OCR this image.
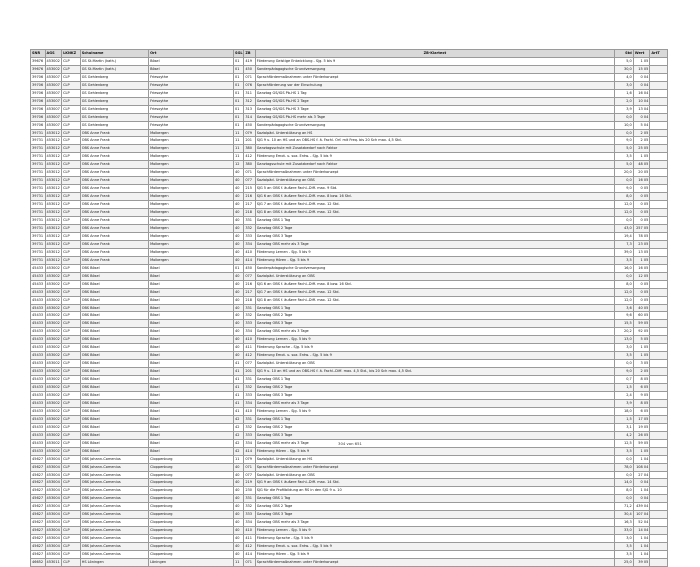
SNR	AGS	LKNKZ	Schulname	Ort	SGL	ZB	ZB-Klartext	Std	Wert	ArtT
39676	453002	CLP	GS St.Martin (kath.)	Bösel	01	419	Förderung Geistige Entwicklung - Sjg. 5 bis 9	5,0	1 05	
39676	453002	CLP	GS St.Martin (kath.)	Bösel	01	450	Sonderpädagogische Grundversorgung	30,0	15 05	
39706	453007	CLP	GS Gehlenberg	Friesoythe	01	071	Sprachfördermaßnahmen unter Förderkonzept	4,0	0 04	
39706	453007	CLP	GS Gehlenberg	Friesoythe	01	076	Sprachförderung vor der Einschulung	3,0	0 04	
39706	453007	CLP	GS Gehlenberg	Friesoythe	01	311	Ganztag GS/IGS Pb-HS 1 Tag	1,6	16 04	
39706	453007	CLP	GS Gehlenberg	Friesoythe	01	312	Ganztag GS/IGS Pb-HS 2 Tage	2,0	10 04	
39706	453007	CLP	GS Gehlenberg	Friesoythe	01	313	Ganztag GS/IGS Pb-HS 3 Tage	3,9	13 04	
39706	453007	CLP	GS Gehlenberg	Friesoythe	01	314	Ganztag GS/IGS Pb-HS mehr als 3 Tage	0,0	0 04	
39706	453007	CLP	GS Gehlenberg	Friesoythe	01	450	Sonderpädagogische Grundversorgung	10,0	5 04	
39731	453012	CLP	OBS Anne Frank	Molbergen	11	079	Sozialpäd. Unterstützung an HS	0,0	2 05	
39731	453012	CLP	OBS Anne Frank	Molbergen	11	201	SJG 9 u. 10 an HS und an OBS-HS f. ä. Fachl. Orf. mit Freq. bis 20 Sch max. 4,5 Std.	9,0	2 05	
39731	453012	CLP	OBS Anne Frank	Molbergen	11	380	Ganztagsschule mit Zusatzbedarf nach Faktor	5,0	25 05	
39731	453012	CLP	OBS Anne Frank	Molbergen	11	412	Förderung Emot. u. soz. Entw. - Sjg. 5 bis 9	3,5	1 05	
39731	453012	CLP	OBS Anne Frank	Molbergen	12	380	Ganztagsschule mit Zusatzbedarf nach Faktor	5,0	48 05	
39731	453012	CLP	OBS Anne Frank	Molbergen	40	071	Sprachfördermaßnahmen unter Förderkonzept	20,0	20 05	
39731	453012	CLP	OBS Anne Frank	Molbergen	40	077	Sozialpäd. Unterstützung an OBS	0,0	16 05	
39731	453012	CLP	OBS Anne Frank	Molbergen	40	215	SJG 5 an OBS f. äußere Fachl.-Diff. max. 9 Std.	9,0	0 05	
39731	453012	CLP	OBS Anne Frank	Molbergen	40	216	SJG 6 an OBS f. äußere Fachl.-Diff. max. 8 bzw. 16 Std.	8,0	0 05	
39731	453012	CLP	OBS Anne Frank	Molbergen	40	217	SJG 7 an OBS f. äußere Fachl.-Diff. max. 12 Std.	12,0	0 05	
39731	453012	CLP	OBS Anne Frank	Molbergen	40	218	SJG 8 an OBS f. äußere Fachl.-Diff. max. 12 Std.	12,0	0 05	
39731	453012	CLP	OBS Anne Frank	Molbergen	40	331	Ganztag OBS 1 Tag	0,0	0 05	
39731	453012	CLP	OBS Anne Frank	Molbergen	40	332	Ganztag OBS 2 Tage	43,0	257 05	
39731	453012	CLP	OBS Anne Frank	Molbergen	40	333	Ganztag OBS 3 Tage	19,4	78 05	
39731	453012	CLP	OBS Anne Frank	Molbergen	40	334	Ganztag OBS mehr als 3 Tage	7,3	23 05	
39731	453012	CLP	OBS Anne Frank	Molbergen	40	410	Förderung Lernen - Sjg. 5 bis 9	39,0	13 05	
39731	453012	CLP	OBS Anne Frank	Molbergen	40	414	Förderung Hören - Sjg. 5 bis 9	3,5	1 05	
45433	453002	CLP	OBS Bösel	Bösel	01	450	Sonderpädagogische Grundversorgung	16,0	16 05	
45433	453002	CLP	OBS Bösel	Bösel	40	077	Sozialpäd. Unterstützung an OBS	0,0	12 05	
45433	453002	CLP	OBS Bösel	Bösel	40	216	SJG 6 an OBS f. äußere Fachl.-Diff. max. 8 bzw. 16 Std.	8,0	0 05	
45433	453002	CLP	OBS Bösel	Bösel	40	217	SJG 7 an OBS f. äußere Fachl.-Diff. max. 12 Std.	12,0	0 05	
45433	453002	CLP	OBS Bösel	Bösel	40	218	SJG 8 an OBS f. äußere Fachl.-Diff. max. 12 Std.	12,0	0 05	
45433	453002	CLP	OBS Bösel	Bösel	40	331	Ganztag OBS 1 Tag	3,6	40 05	
45433	453002	CLP	OBS Bösel	Bösel	40	332	Ganztag OBS 2 Tage	9,6	60 05	
45433	453002	CLP	OBS Bösel	Bösel	40	333	Ganztag OBS 3 Tage	15,5	59 05	
45433	453002	CLP	OBS Bösel	Bösel	40	334	Ganztag OBS mehr als 3 Tage	20,2	92 05	
45433	453002	CLP	OBS Bösel	Bösel	40	410	Förderung Lernen - Sjg. 5 bis 9	13,0	5 05	
45433	453002	CLP	OBS Bösel	Bösel	40	411	Förderung Sprache - Sjg. 5 bis 9	3,0	1 05	
45433	453002	CLP	OBS Bösel	Bösel	40	412	Förderung Emot. u. soz. Entw. - Sjg. 5 bis 9	3,5	1 05	
45433	453002	CLP	OBS Bösel	Bösel	41	077	Sozialpäd. Unterstützung an OBS	0,0	3 05	
45433	453002	CLP	OBS Bösel	Bösel	41	201	SJG 9 u. 10 an HS und an OBS-HS f. ä. Fachl.-Diff. max. 4,5 Std., bis 20 Sch max. 4,5 Std.	9,0	2 05	
45433	453002	CLP	OBS Bösel	Bösel	41	331	Ganztag OBS 1 Tag	0,7	8 05	
45433	453002	CLP	OBS Bösel	Bösel	41	332	Ganztag OBS 2 Tage	1,5	6 05	
45433	453002	CLP	OBS Bösel	Bösel	41	333	Ganztag OBS 3 Tage	2,4	9 05	
45433	453002	CLP	OBS Bösel	Bösel	41	334	Ganztag OBS mehr als 3 Tage	3,9	8 05	
45433	453002	CLP	OBS Bösel	Bösel	41	410	Förderung Lernen - Sjg. 5 bis 9	18,0	6 05	
45433	453002	CLP	OBS Bösel	Bösel	42	331	Ganztag OBS 1 Tag	1,5	17 05	
45433	453002	CLP	OBS Bösel	Bösel	42	332	Ganztag OBS 2 Tage	3,1	19 05	
45433	453002	CLP	OBS Bösel	Bösel	42	333	Ganztag OBS 3 Tage	4,2	26 05	
45433	453002	CLP	OBS Bösel	Bösel	42	334	Ganztag OBS mehr als 3 Tage	12,5	59 05	
45433	453002	CLP	OBS Bösel	Bösel	42	414	Förderung Hören - Sjg. 5 bis 9	3,5	1 05	
45627	453004	CLP	OBS Johann-Comenius	Cloppenburg	11	079	Sozialpäd. Unterstützung an HS	0,0	1 04	
45627	453004	CLP	OBS Johann-Comenius	Cloppenburg	40	071	Sprachfördermaßnahmen unter Förderkonzept	78,0	108 04	
45627	453004	CLP	OBS Johann-Comenius	Cloppenburg	40	077	Sozialpäd. Unterstützung an OBS	0,0	27 04	
45627	453004	CLP	OBS Johann-Comenius	Cloppenburg	40	219	SJG 9 an OBS f. äußere Fachl.-Diff. max. 14 Std.	14,0	0 04	
45627	453004	CLP	OBS Johann-Comenius	Cloppenburg	40	230	SJG für die Profilbildung an RS in den SJG 9 u. 10	8,0	1 04	
45627	453004	CLP	OBS Johann-Comenius	Cloppenburg	40	331	Ganztag OBS 1 Tag	0,0	0 04	
45627	453004	CLP	OBS Johann-Comenius	Cloppenburg	40	332	Ganztag OBS 2 Tage	71,2	439 04	
45627	453004	CLP	OBS Johann-Comenius	Cloppenburg	40	333	Ganztag OBS 3 Tage	30,4	107 04	
45627	453004	CLP	OBS Johann-Comenius	Cloppenburg	40	334	Ganztag OBS mehr als 3 Tage	16,3	52 04	
45627	453004	CLP	OBS Johann-Comenius	Cloppenburg	40	410	Förderung Lernen - Sjg. 5 bis 9	33,0	14 04	
45627	453004	CLP	OBS Johann-Comenius	Cloppenburg	40	411	Förderung Sprache - Sjg. 5 bis 9	3,0	1 04	
45627	453004	CLP	OBS Johann-Comenius	Cloppenburg	40	412	Förderung Emot. u. soz. Entw. - Sjg. 5 bis 9	3,5	1 04	
45627	453004	CLP	OBS Johann-Comenius	Cloppenburg	40	414	Förderung Hören - Sjg. 5 bis 9	3,5	1 04	
46652	453011	CLP	HS Löningen	Löningen	11	071	Sprachfördermaßnahmen unter Förderkonzept	25,0	39 05	
304 von 651
